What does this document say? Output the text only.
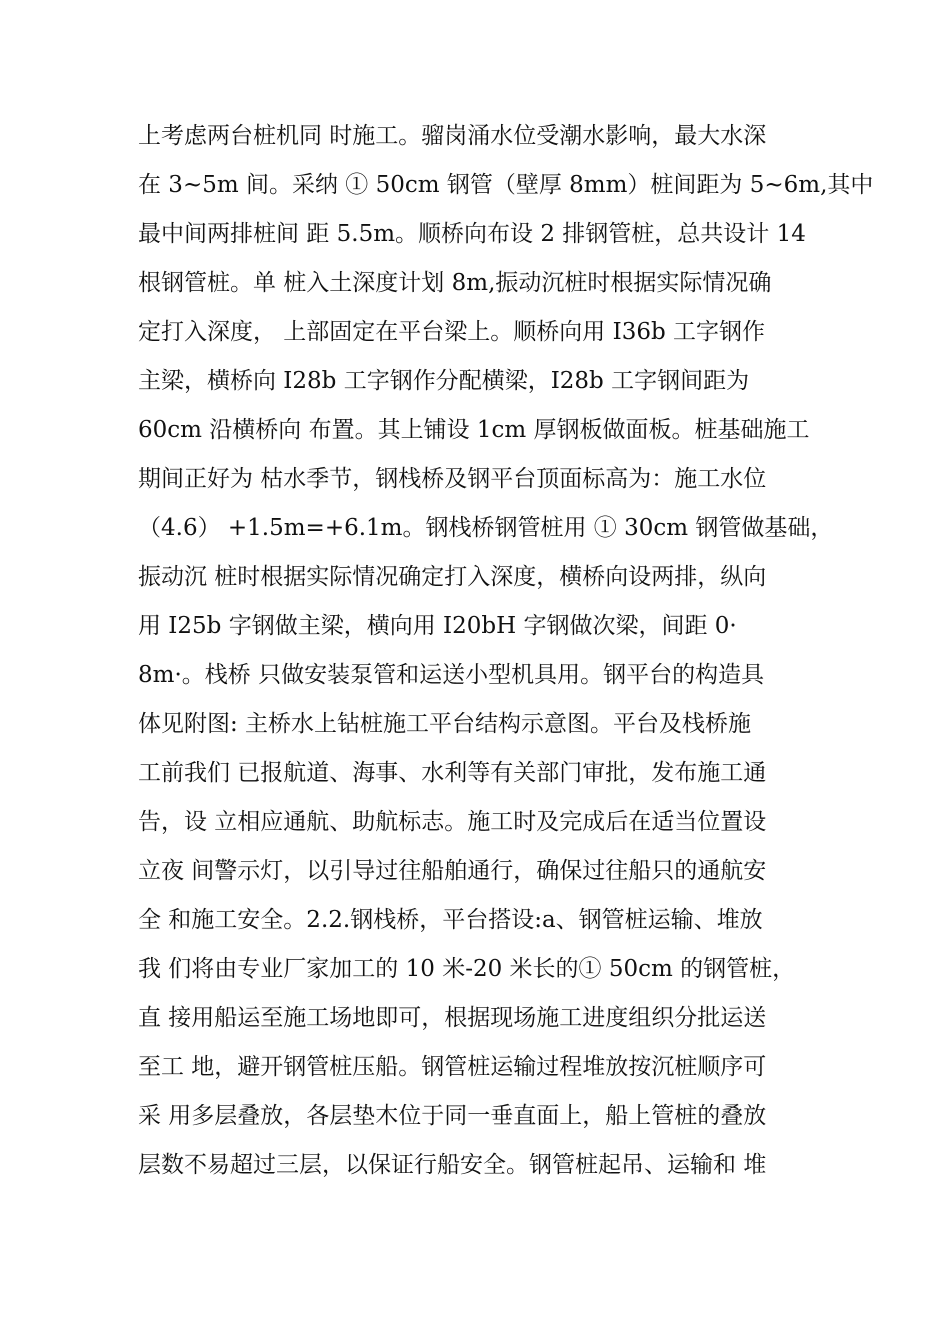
上考虑两台桩机同 时施工。骝岗涌水位受潮水影响，最大水深
在 3~5m 间。采纳 ① 50cm 钢管（壁厚 8mm）桩间距为 5~6m,其中
最中间两排桩间 距 5.5m。顺桥向布设 2 排钢管桩，总共设计 14
根钢管桩。单 桩入土深度计划 8m,振动沉桩时根据实际情况确
定打入深度， 上部固定在平台梁上。顺桥向用 I36b 工字钢作
主梁，横桥向 I28b 工字钢作分配横梁，I28b 工字钢间距为
60cm 沿横桥向 布置。其上铺设 1cm 厚钢板做面板。桩基础施工
期间正好为 枯水季节，钢栈桥及钢平台顶面标高为：施工水位
（4.6） +1.5m=+6.1m。钢栈桥钢管桩用 ① 30cm 钢管做基础，
振动沉 桩时根据实际情况确定打入深度，横桥向设两排，纵向
用 I25b 字钢做主梁，横向用 I20bH 字钢做次梁，间距 0·
8m·。栈桥 只做安装泵管和运送小型机具用。钢平台的构造具
体见附图: 主桥水上钻桩施工平台结构示意图。平台及栈桥施
工前我们 已报航道、海事、水利等有关部门审批，发布施工通
告，设 立相应通航、助航标志。施工时及完成后在适当位置设
立夜 间警示灯，以引导过往船舶通行，确保过往船只的通航安
全 和施工安全。2.2.钢栈桥，平台搭设:a、钢管桩运输、堆放
我 们将由专业厂家加工的 10 米-20 米长的① 50cm 的钢管桩，
直 接用船运至施工场地即可，根据现场施工进度组织分批运送
至工 地，避开钢管桩压船。钢管桩运输过程堆放按沉桩顺序可
采 用多层叠放，各层垫木位于同一垂直面上，船上管桩的叠放
层数不易超过三层，以保证行船安全。钢管桩起吊、运输和 堆
